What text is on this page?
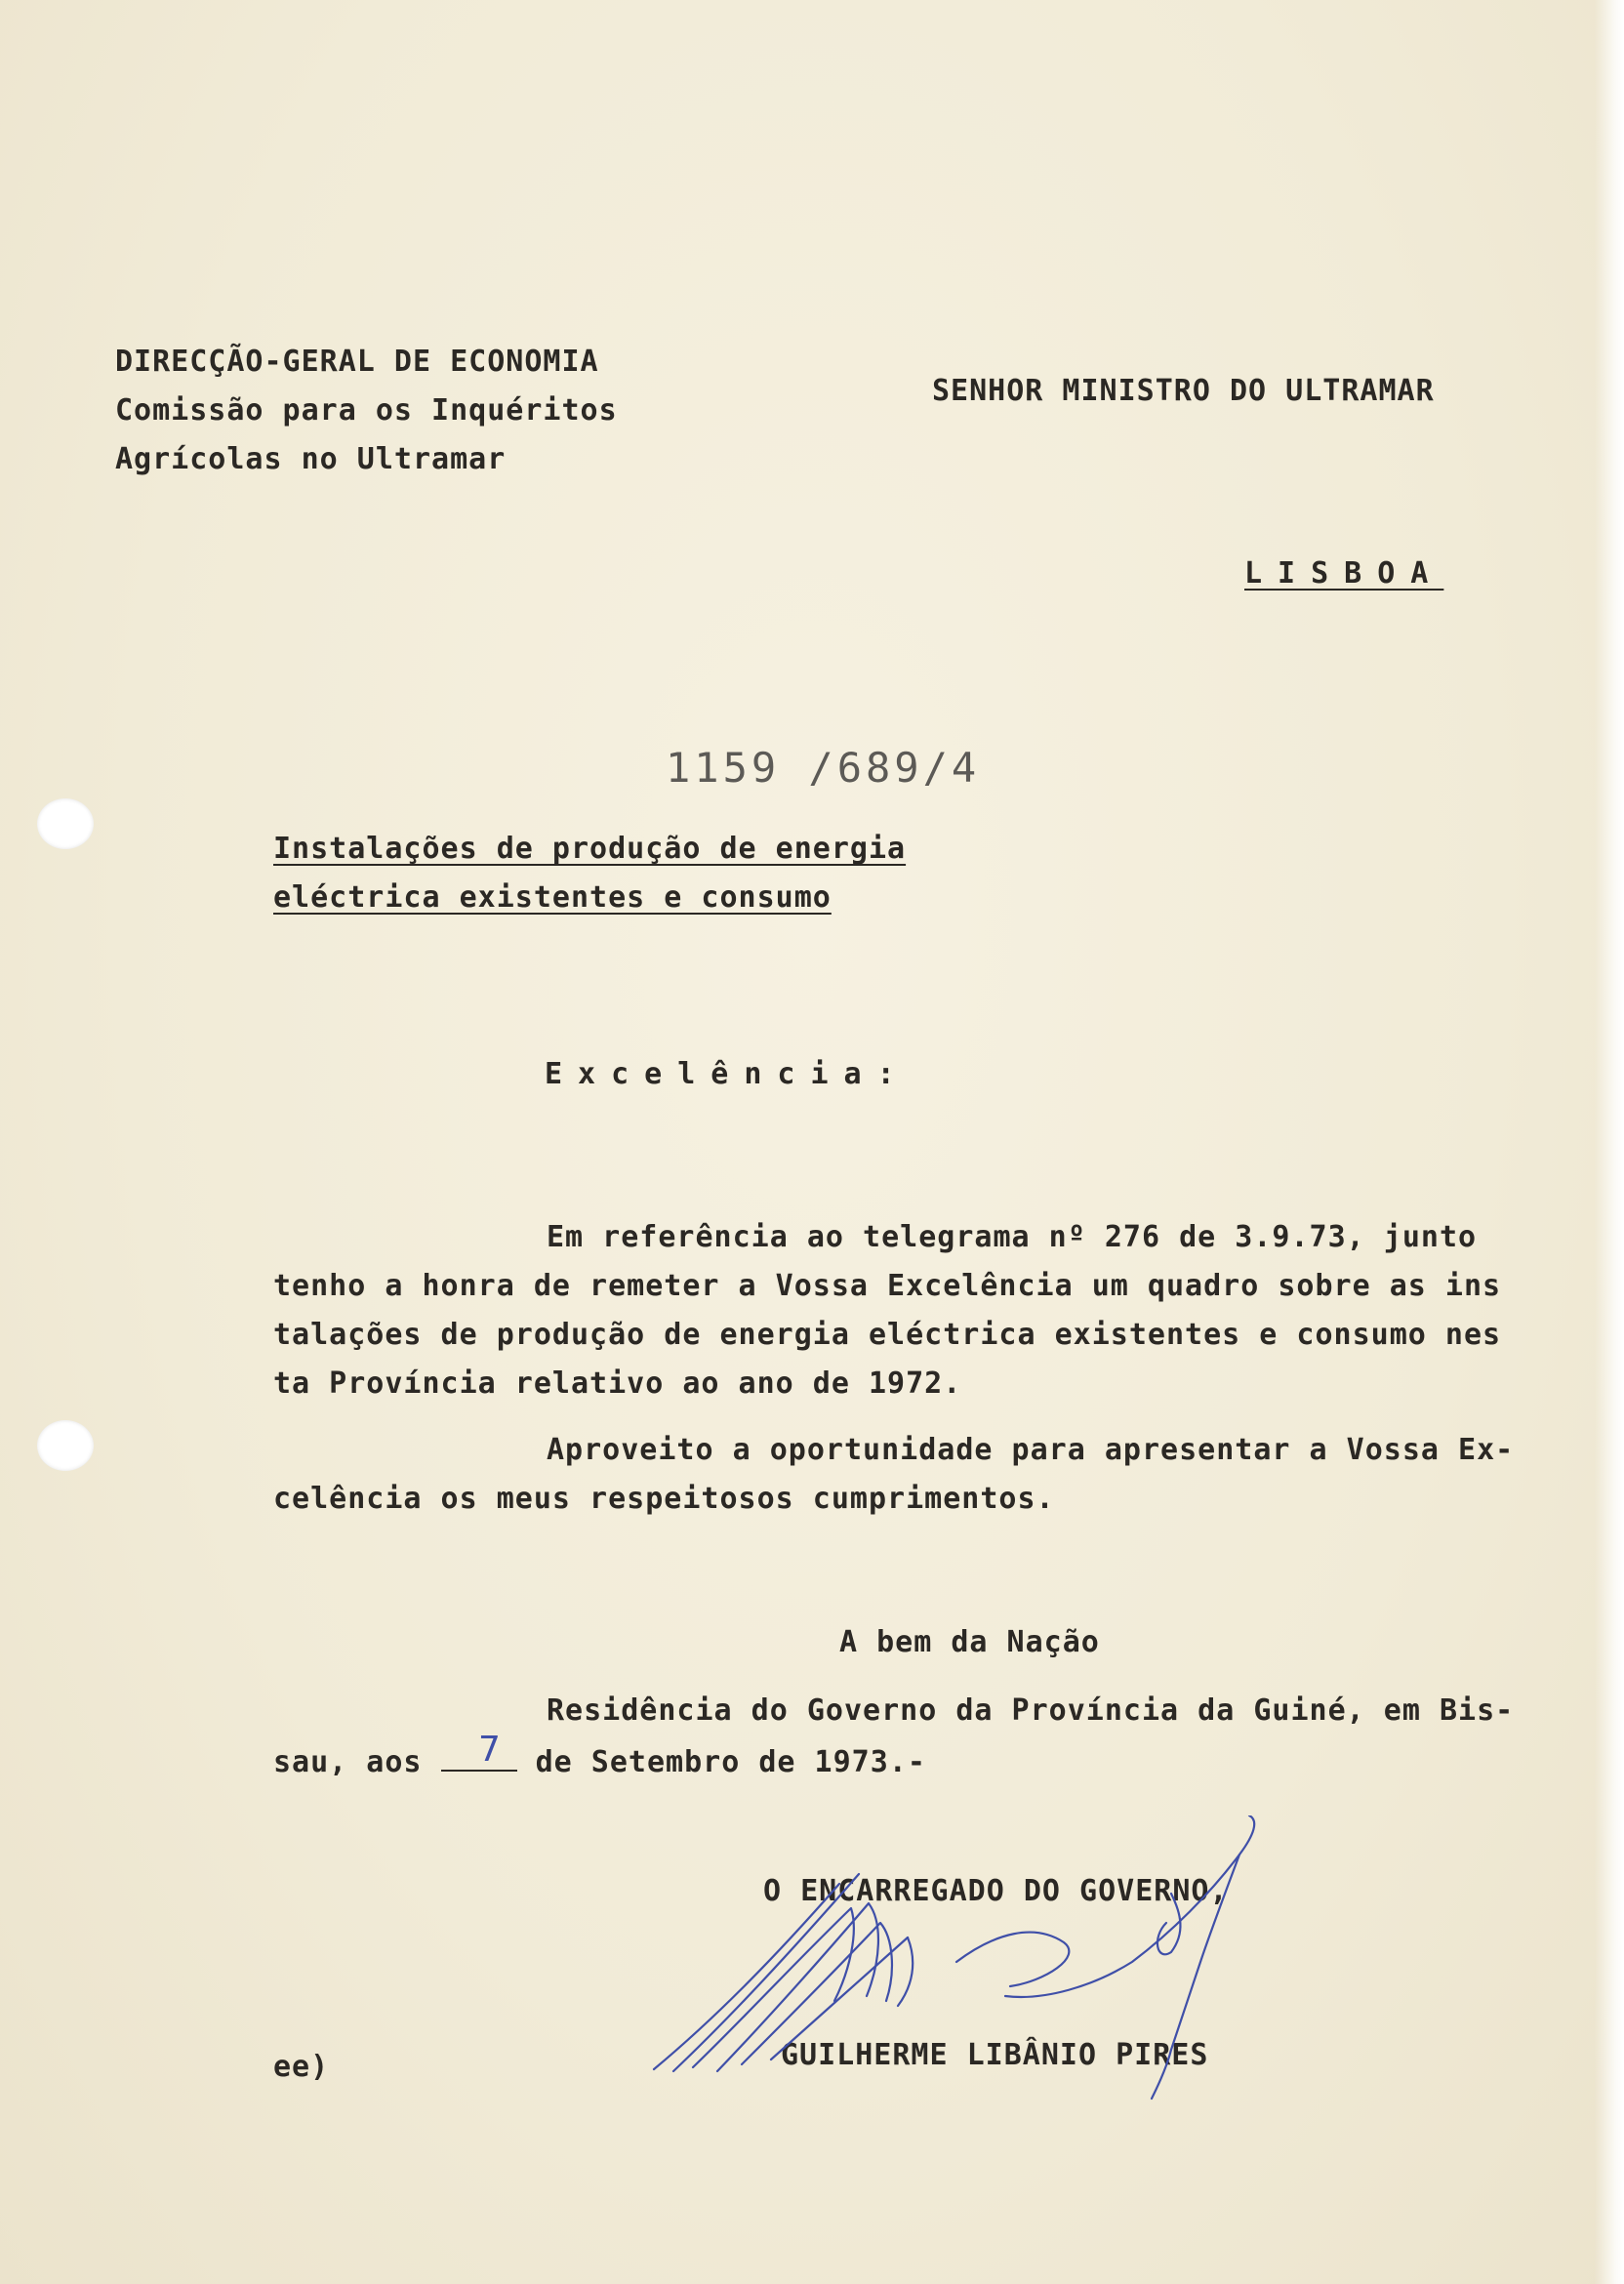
DIRECÇÃO-GERAL DE ECONOMIA
Comissão para os Inquéritos
Agrícolas no Ultramar
SENHOR MINISTRO DO ULTRAMAR
LISBOA
1159 /689/4
Instalações de produção de energia
eléctrica existentes e consumo
Excelência:
Em referência ao telegrama nº 276 de 3.9.73, junto
tenho a honra de remeter a Vossa Excelência um quadro sobre as ins
talações de produção de energia eléctrica existentes e consumo nes
ta Província relativo ao ano de 1972.
Aproveito a oportunidade para apresentar a Vossa Ex-
celência os meus respeitosos cumprimentos.
A bem da Nação
Residência do Governo da Província da Guiné, em Bis-
sau, aos	de Setembro de 1973.-
7
O ENCARREGADO DO GOVERNO,
GUILHERME LIBÂNIO PIRES
ee)
